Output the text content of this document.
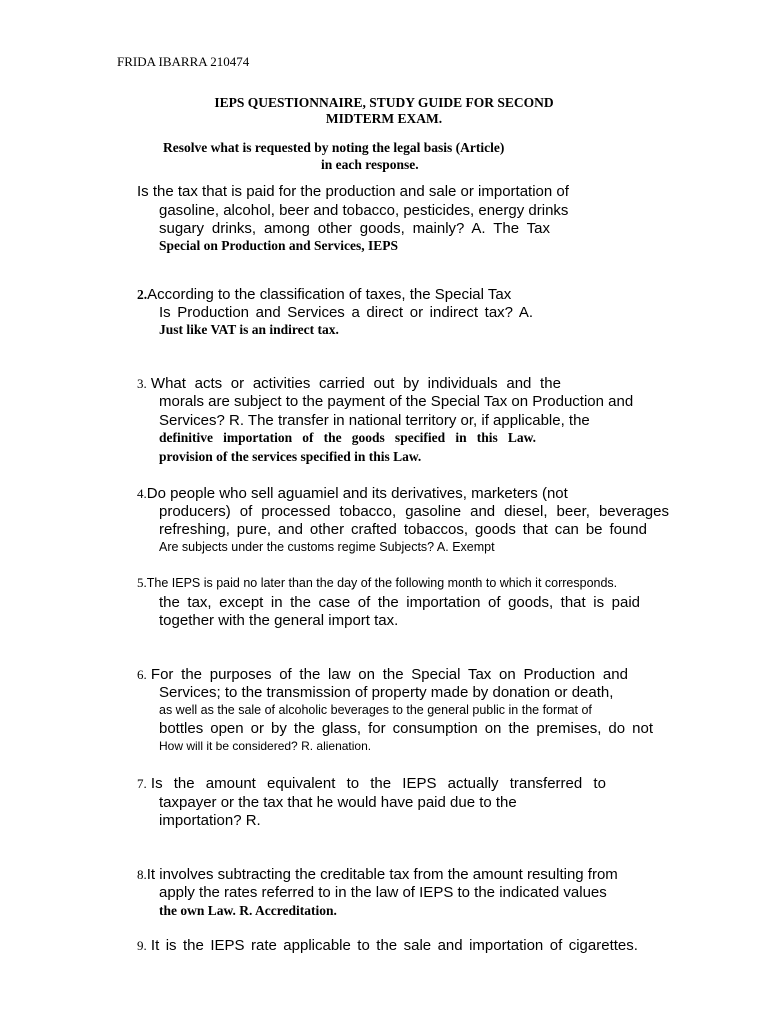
FRIDA IBARRA 210474
IEPS QUESTIONNAIRE, STUDY GUIDE FOR SECOND
MIDTERM EXAM.
Resolve what is requested by noting the legal basis (Article)
in each response.
Is the tax that is paid for the production and sale or importation of
gasoline, alcohol, beer and tobacco, pesticides, energy drinks
sugary drinks, among other goods, mainly? A. The Tax
Special on Production and Services, IEPS
2.According to the classification of taxes, the Special Tax
Is Production and Services a direct or indirect tax? A.
Just like VAT is an indirect tax.
3. What acts or activities carried out by individuals and the
morals are subject to the payment of the Special Tax on Production and
Services? R. The transfer in national territory or, if applicable, the
definitive importation of the goods specified in this Law.
provision of the services specified in this Law.
4.Do people who sell aguamiel and its derivatives, marketers (not
producers) of processed tobacco, gasoline and diesel, beer, beverages
refreshing, pure, and other crafted tobaccos, goods that can be found
Are subjects under the customs regime Subjects? A. Exempt
5.The IEPS is paid no later than the day of the following month to which it corresponds.
the tax, except in the case of the importation of goods, that is paid
together with the general import tax.
6. For the purposes of the law on the Special Tax on Production and
Services; to the transmission of property made by donation or death,
as well as the sale of alcoholic beverages to the general public in the format of
bottles open or by the glass, for consumption on the premises, do not
How will it be considered? R. alienation.
7. Is the amount equivalent to the IEPS actually transferred to
taxpayer or the tax that he would have paid due to the
importation? R.
8.It involves subtracting the creditable tax from the amount resulting from
apply the rates referred to in the law of IEPS to the indicated values
the own Law. R. Accreditation.
9. It is the IEPS rate applicable to the sale and importation of cigarettes.
